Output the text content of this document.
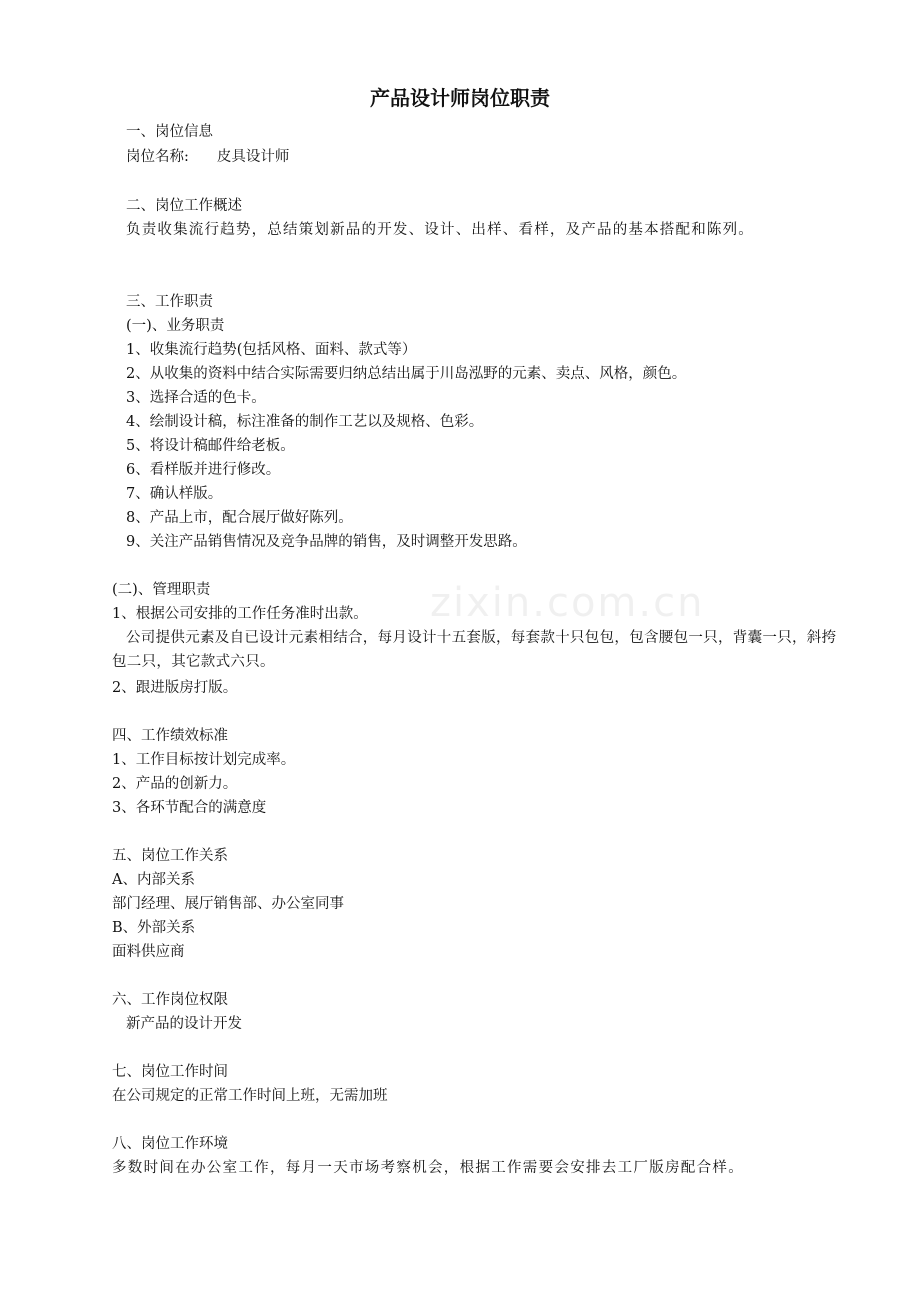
zixin.com.cn
产品设计师岗位职责
一、岗位信息
岗位名称: 皮具设计师
二、岗位工作概述
负责收集流行趋势，总结策划新品的开发、设计、出样、看样，及产品的基本搭配和陈列。
三、工作职责
(一)、业务职责
1、收集流行趋势(包括风格、面料、款式等）
2、从收集的资料中结合实际需要归纳总结出属于川岛泓野的元素、卖点、风格，颜色。
3、选择合适的色卡。
4、绘制设计稿，标注准备的制作工艺以及规格、色彩。
5、将设计稿邮件给老板。
6、看样版并进行修改。
7、确认样版。
8、产品上市，配合展厅做好陈列。
9、关注产品销售情况及竞争品牌的销售，及时调整开发思路。
(二)、管理职责
1、根据公司安排的工作任务准时出款。
公司提供元素及自已设计元素相结合，每月设计十五套版，每套款十只包包，包含腰包一只，背囊一只，斜挎包二只，其它款式六只。
2、跟进版房打版。
四、工作绩效标准
1、工作目标按计划完成率。
2、产品的创新力。
3、各环节配合的满意度
五、岗位工作关系
A、内部关系
部门经理、展厅销售部、办公室同事
B、外部关系
面料供应商
六、工作岗位权限
新产品的设计开发
七、岗位工作时间
在公司规定的正常工作时间上班，无需加班
八、岗位工作环境
多数时间在办公室工作，每月一天市场考察机会，根据工作需要会安排去工厂版房配合样。
